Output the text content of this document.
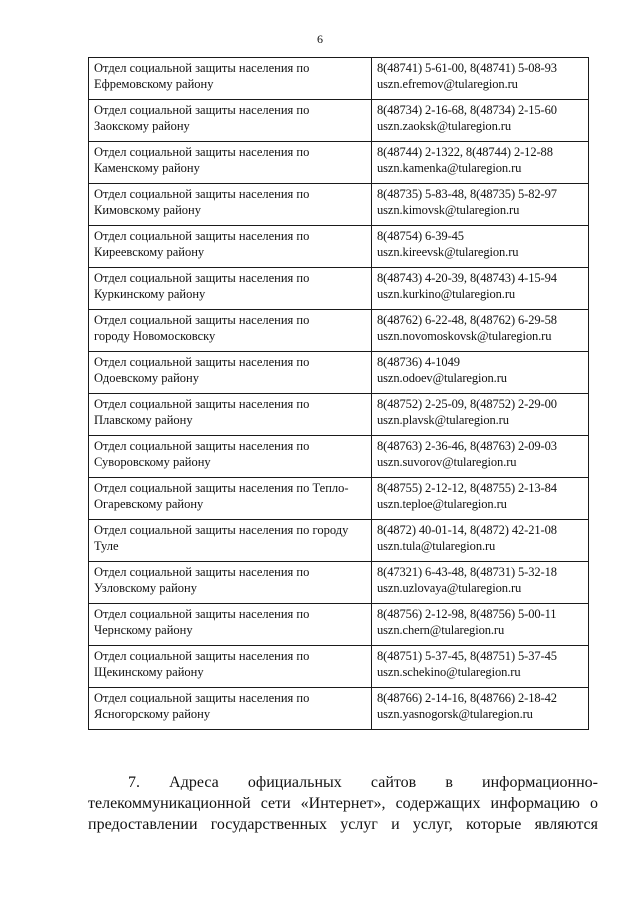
6
Отдел социальной защиты населения по
Ефремовскому району	8(48741) 5-61-00, 8(48741) 5-08-93
uszn.efremov@tularegion.ru

Отдел социальной защиты населения по
Заокскому району	8(48734) 2-16-68, 8(48734) 2-15-60
uszn.zaoksk@tularegion.ru

Отдел социальной защиты населения по
Каменскому району	8(48744) 2-1322, 8(48744) 2-12-88
uszn.kamenka@tularegion.ru

Отдел социальной защиты населения по
Кимовскому району	8(48735) 5-83-48, 8(48735) 5-82-97
uszn.kimovsk@tularegion.ru

Отдел социальной защиты населения по
Киреевскому району	8(48754) 6-39-45
uszn.kireevsk@tularegion.ru

Отдел социальной защиты населения по
Куркинскому району	8(48743) 4-20-39, 8(48743) 4-15-94
uszn.kurkino@tularegion.ru

Отдел социальной защиты населения по
городу Новомосковску	8(48762) 6-22-48, 8(48762) 6-29-58
uszn.novomoskovsk@tularegion.ru

Отдел социальной защиты населения по
Одоевскому району	8(48736) 4-1049
uszn.odoev@tularegion.ru

Отдел социальной защиты населения по
Плавскому району	8(48752) 2-25-09, 8(48752) 2-29-00
uszn.plavsk@tularegion.ru

Отдел социальной защиты населения по
Суворовскому району	8(48763) 2-36-46, 8(48763) 2-09-03
uszn.suvorov@tularegion.ru

Отдел социальной защиты населения по Тепло-
Огаревскому району	8(48755) 2-12-12, 8(48755) 2-13-84
uszn.teploe@tularegion.ru

Отдел социальной защиты населения по городу
Туле	8(4872) 40-01-14, 8(4872) 42-21-08
uszn.tula@tularegion.ru

Отдел социальной защиты населения по
Узловскому району	8(47321) 6-43-48, 8(48731) 5-32-18
uszn.uzlovaya@tularegion.ru

Отдел социальной защиты населения по
Чернскому району	8(48756) 2-12-98, 8(48756) 5-00-11
uszn.chern@tularegion.ru

Отдел социальной защиты населения по
Щекинскому району	8(48751) 5-37-45, 8(48751) 5-37-45
uszn.schekino@tularegion.ru

Отдел социальной защиты населения по
Ясногорскому району	8(48766) 2-14-16, 8(48766) 2-18-42
uszn.yasnogorsk@tularegion.ru
7. Адреса официальных сайтов в информационно-
телекоммуникационной сети «Интернет», содержащих информацию о
предоставлении государственных услуг и услуг, которые являются
